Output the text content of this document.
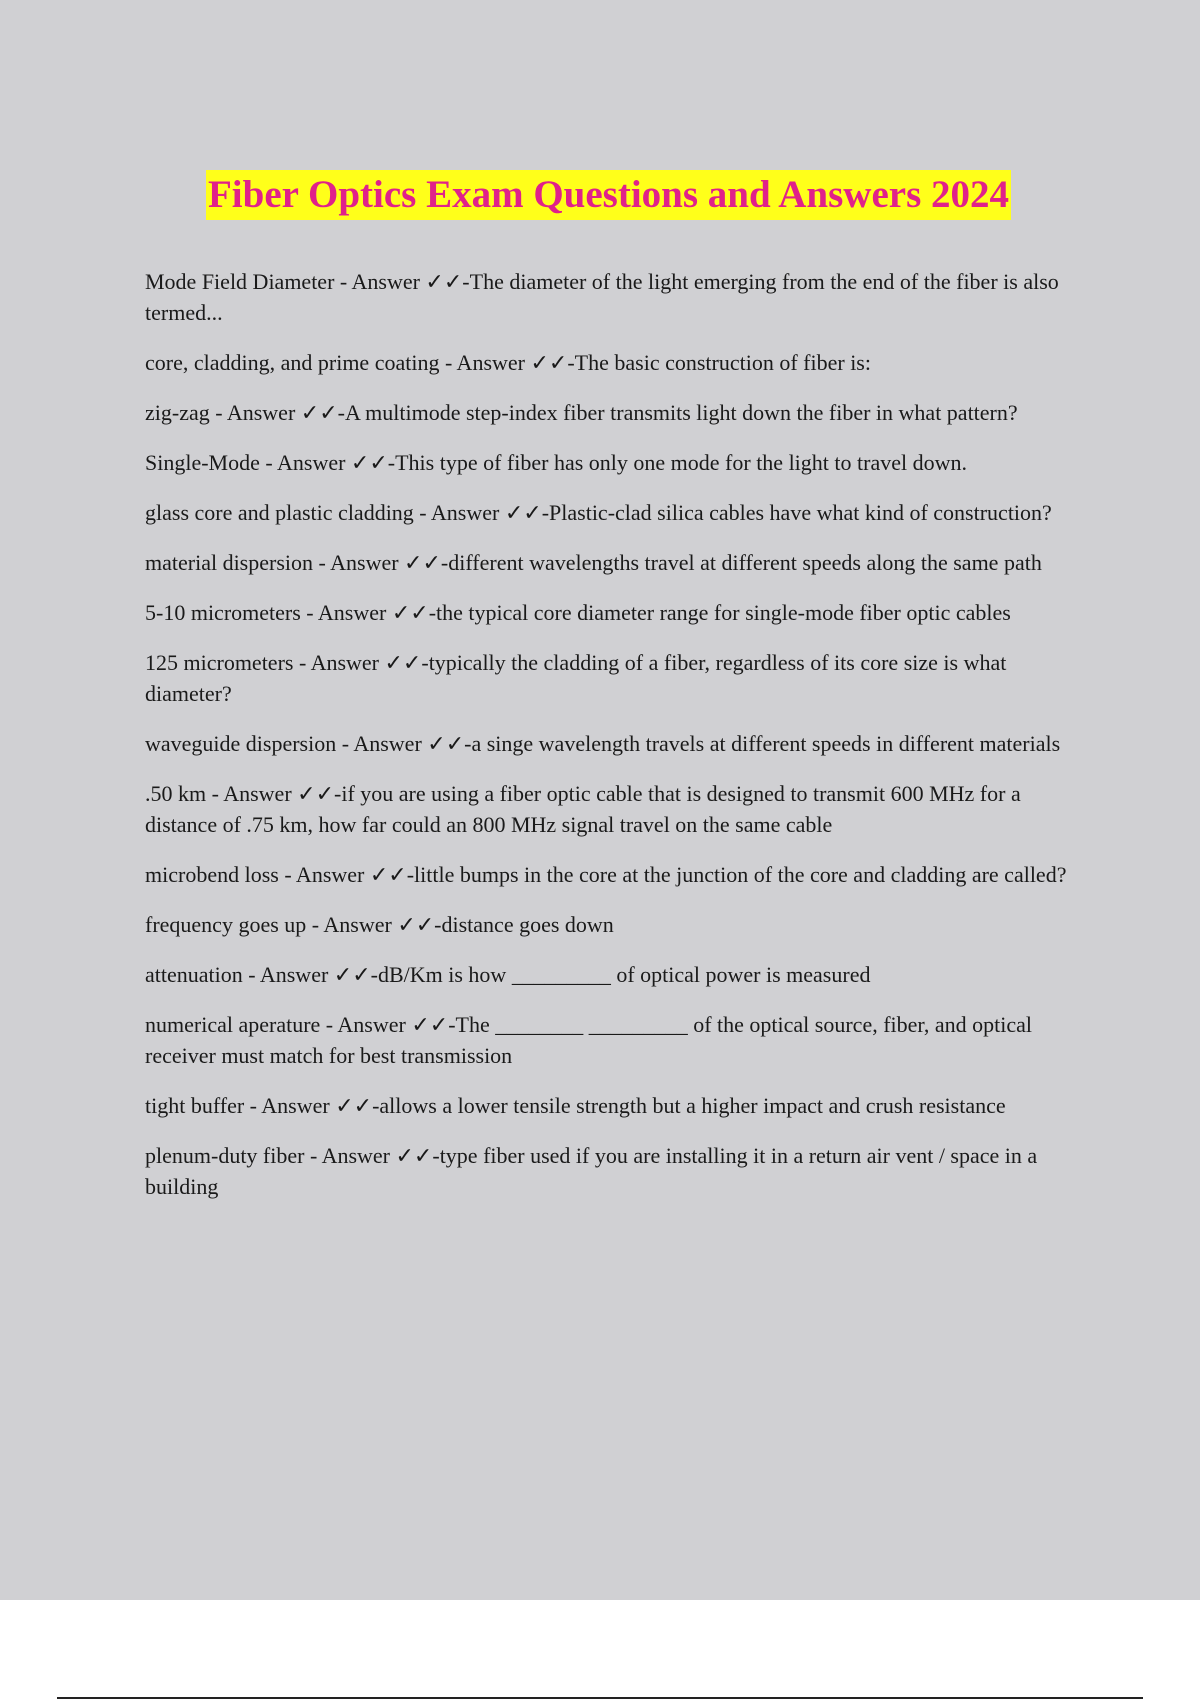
Fiber Optics Exam Questions and Answers 2024
Mode Field Diameter - Answer ✓✓-The diameter of the light emerging from the end of the fiber is also termed...
core, cladding, and prime coating - Answer ✓✓-The basic construction of fiber is:
zig-zag - Answer ✓✓-A multimode step-index fiber transmits light down the fiber in what pattern?
Single-Mode - Answer ✓✓-This type of fiber has only one mode for the light to travel down.
glass core and plastic cladding - Answer ✓✓-Plastic-clad silica cables have what kind of construction?
material dispersion - Answer ✓✓-different wavelengths travel at different speeds along the same path
5-10 micrometers - Answer ✓✓-the typical core diameter range for single-mode fiber optic cables
125 micrometers - Answer ✓✓-typically the cladding of a fiber, regardless of its core size is what diameter?
waveguide dispersion - Answer ✓✓-a singe wavelength travels at different speeds in different materials
.50 km - Answer ✓✓-if you are using a fiber optic cable that is designed to transmit 600 MHz for a distance of .75 km, how far could an 800 MHz signal travel on the same cable
microbend loss - Answer ✓✓-little bumps in the core at the junction of the core and cladding are called?
frequency goes up - Answer ✓✓-distance goes down
attenuation - Answer ✓✓-dB/Km is how _________ of optical power is measured
numerical aperature - Answer ✓✓-The ________ _________ of the optical source, fiber, and optical receiver must match for best transmission
tight buffer - Answer ✓✓-allows a lower tensile strength but a higher impact and crush resistance
plenum-duty fiber - Answer ✓✓-type fiber used if you are installing it in a return air vent / space in a building
